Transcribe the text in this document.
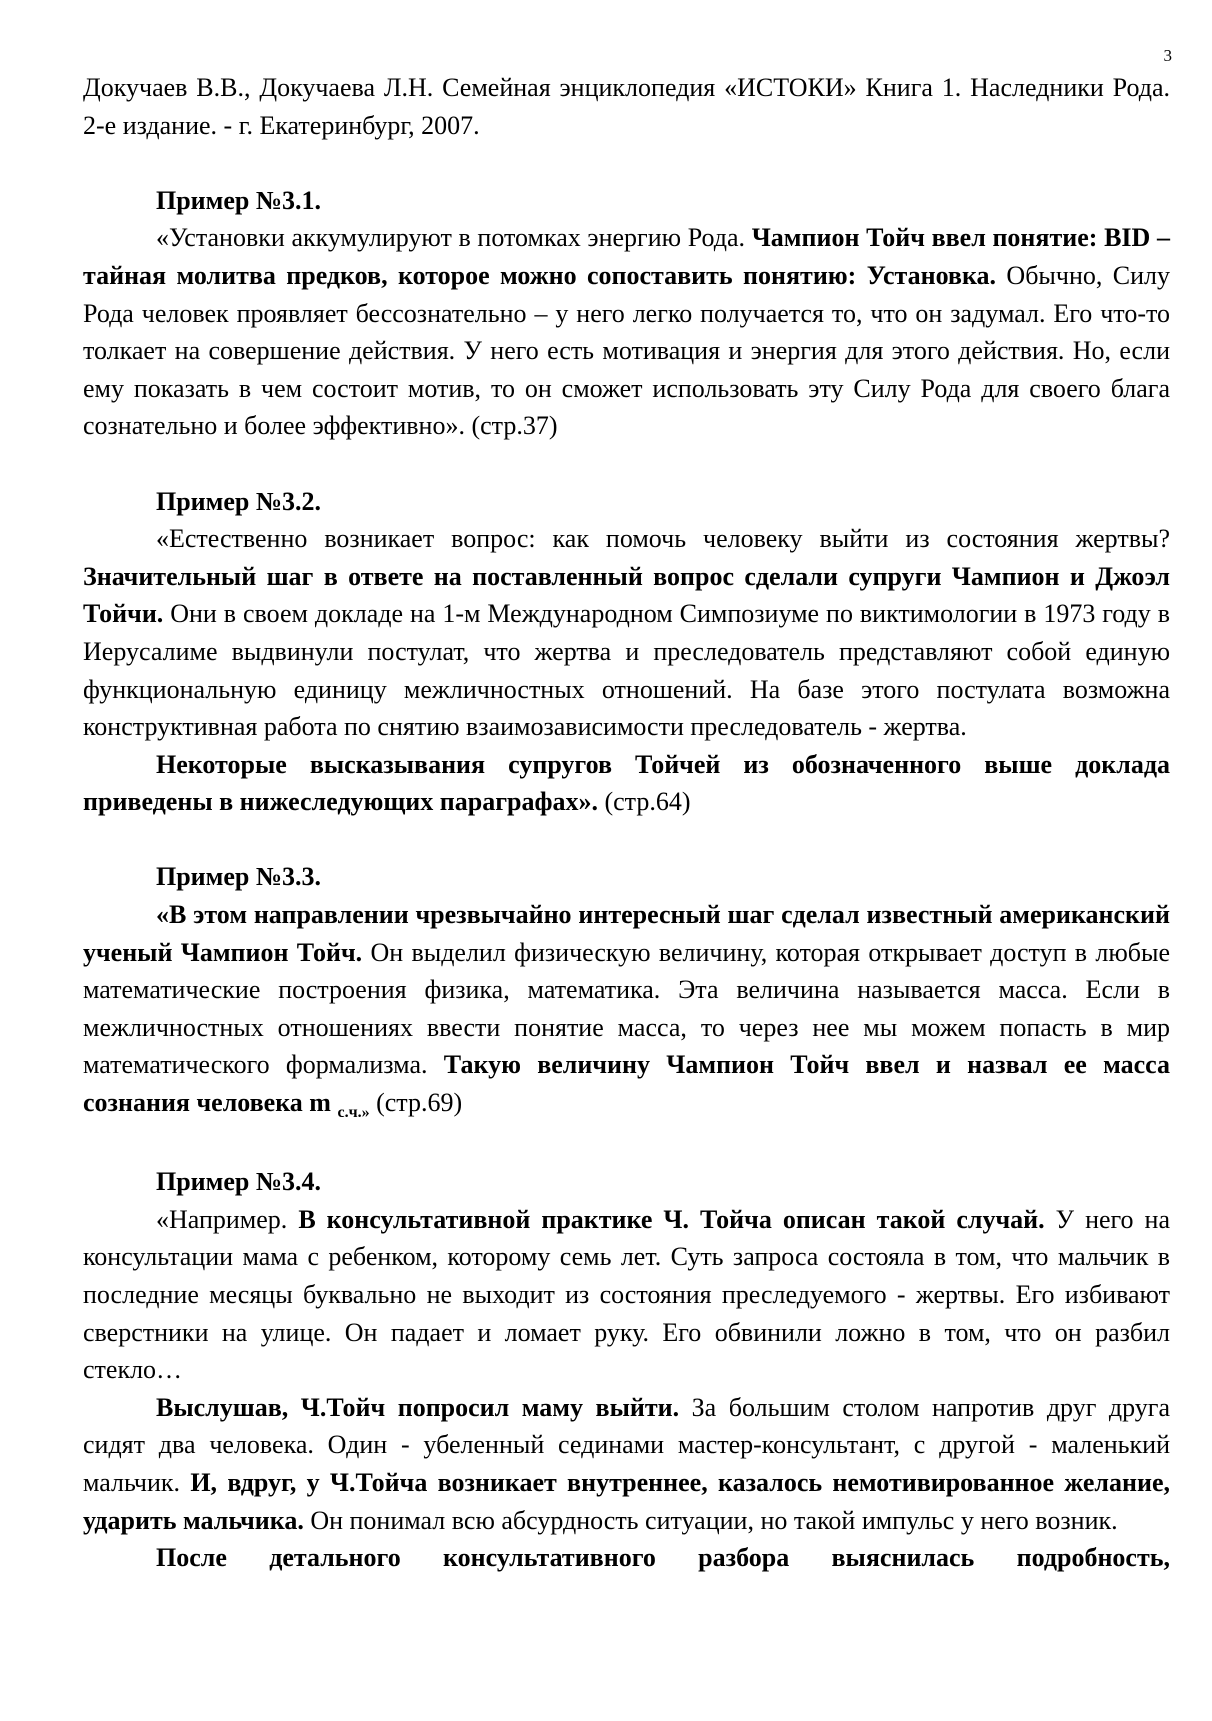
3

Докучаев В.В., Докучаева Л.Н. Семейная энциклопедия «ИСТОКИ» Книга 1. Наследники Рода. 2-е издание. - г. Екатеринбург, 2007.

Пример №3.1.

«Установки аккумулируют в потомках энергию Рода. Чампион Тойч ввел понятие: BID – тайная молитва предков, которое можно сопоставить понятию: Установка. Обычно, Силу Рода человек проявляет бессознательно – у него легко получается то, что он задумал. Его что-то толкает на совершение действия. У него есть мотивация и энергия для этого действия. Но, если ему показать в чем состоит мотив, то он сможет использовать эту Силу Рода для своего блага сознательно и более эффективно». (стр.37)

Пример №3.2.

«Естественно возникает вопрос: как помочь человеку выйти из состояния жертвы? Значительный шаг в ответе на поставленный вопрос сделали супруги Чампион и Джоэл Тойчи. Они в своем докладе на 1-м Международном Симпозиуме по виктимологии в 1973 году в Иерусалиме выдвинули постулат, что жертва и преследователь представляют собой единую функциональную единицу межличностных отношений. На базе этого постулата возможна конструктивная работа по снятию взаимозависимости преследователь - жертва.

Некоторые высказывания супругов Тойчей из обозначенного выше доклада приведены в нижеследующих параграфах». (стр.64)

Пример №3.3.

«В этом направлении чрезвычайно интересный шаг сделал известный американский ученый Чампион Тойч. Он выделил физическую величину, которая открывает доступ в любые математические построения физика, математика. Эта величина называется масса. Если в межличностных отношениях ввести понятие масса, то через нее мы можем попасть в мир математического формализма. Такую величину Чампион Тойч ввел и назвал ее масса сознания человека m $_{с.ч.»}$ (стр.69)

Пример №3.4.

«Например. В консультативной практике Ч. Тойча описан такой случай. У него на консультации мама с ребенком, которому семь лет. Суть запроса состояла в том, что мальчик в последние месяцы буквально не выходит из состояния преследуемого - жертвы. Его избивают сверстники на улице. Он падает и ломает руку. Его обвинили ложно в том, что он разбил стекло…

Выслушав, Ч.Тойч попросил маму выйти. За большим столом напротив друг друга сидят два человека. Один - убеленный сединами мастер-консультант, с другой - маленький мальчик. И, вдруг, у Ч.Тойча возникает внутреннее, казалось немотивированное желание, ударить мальчика. Он понимал всю абсурдность ситуации, но такой импульс у него возник.

После детального консультативного разбора выяснилась подробность,
